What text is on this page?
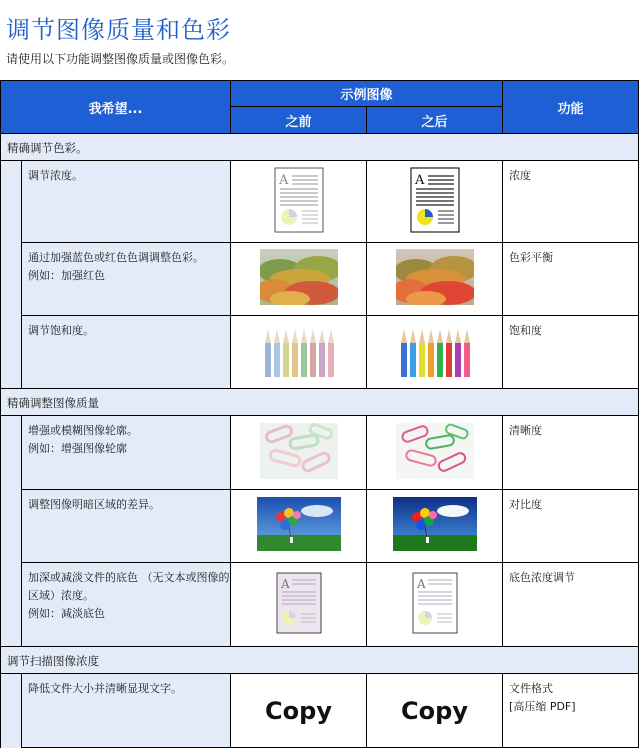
调节图像质量和色彩
请使用以下功能调整图像质量或图像色彩。
我希望...		示例图像		功能
		之前	之后	
精确调节色彩。				

	调节浓度。	A	A	浓度

	通过加强蓝色或红色色调调整色彩。
例如：加强红色			色彩平衡

	调节饱和度。			饱和度
精确调整图像质量				

	增强或模糊图像轮廓。
例如：增强图像轮廓			清晰度

	调整图像明暗区域的差异。			对比度

	加深或减淡文件的底色 （无文本或图像的区域）浓度。
例如：减淡底色	A	A	底色浓度调节
调节扫描图像浓度				

	降低文件大小并清晰显现文字。	Copy	Copy	文件格式
[高压缩 PDF]
